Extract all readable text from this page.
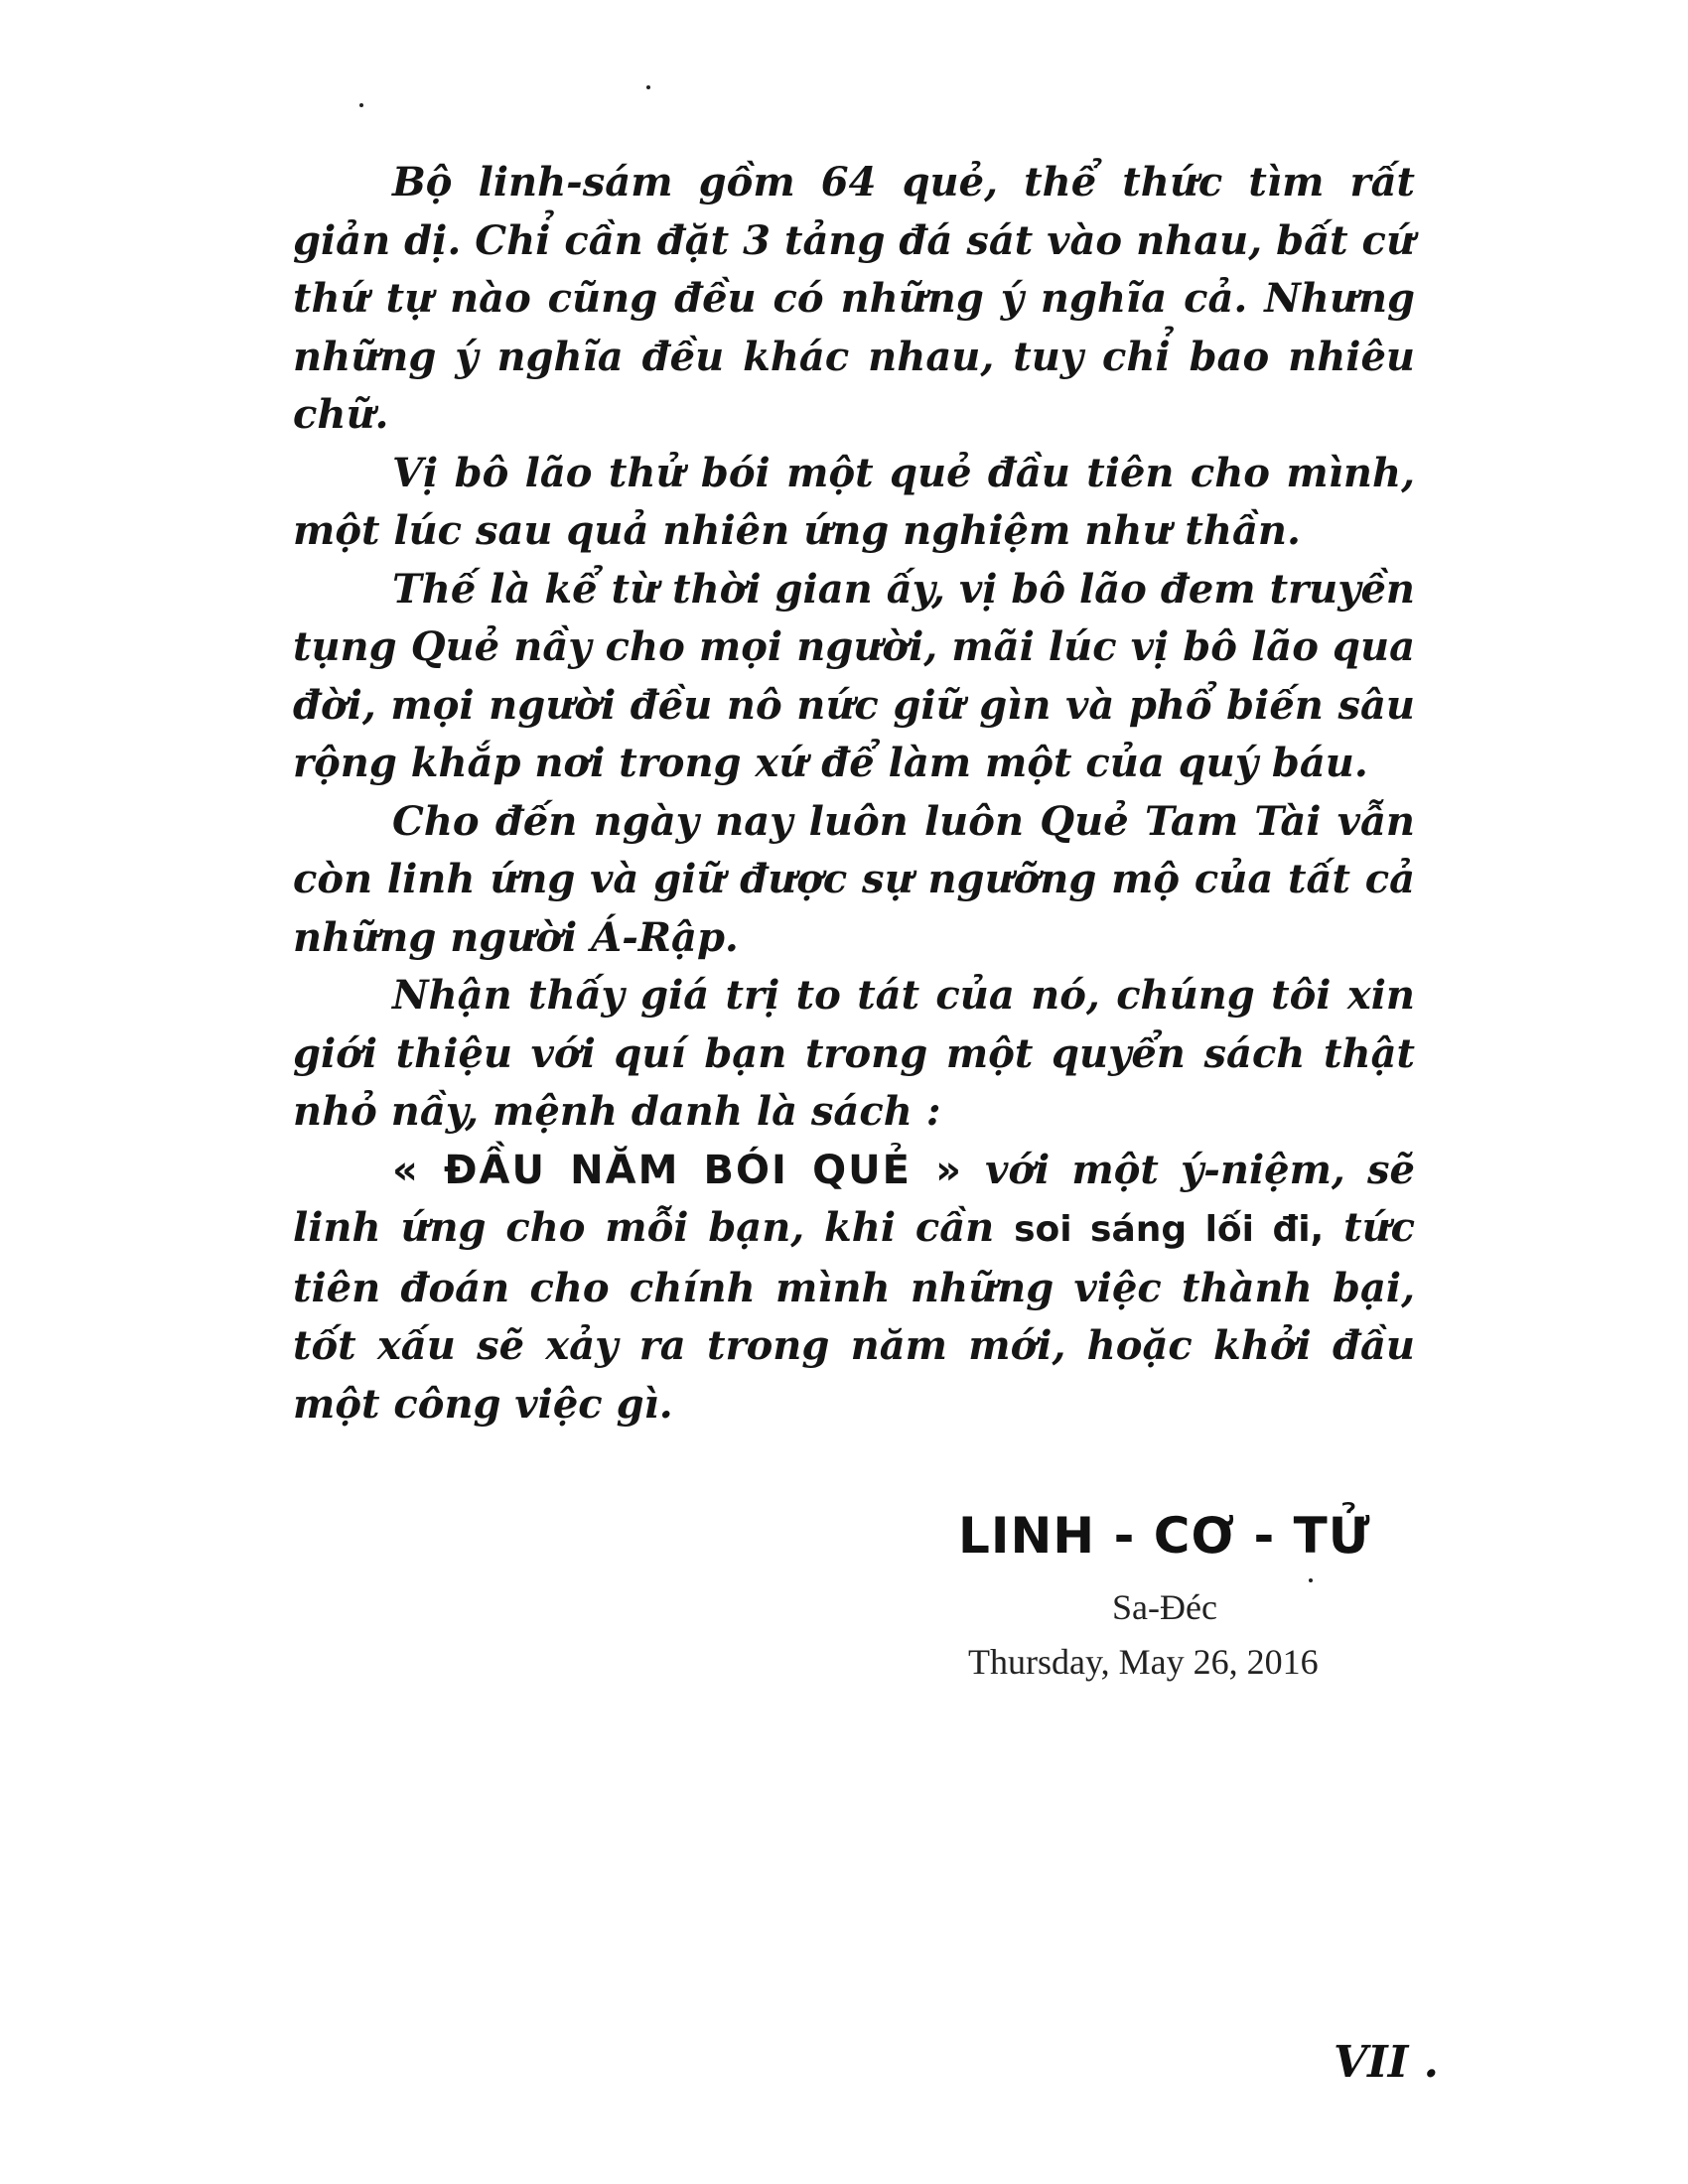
Bộ linh-sám gồm 64 quẻ, thể thức tìm rất giản dị. Chỉ cần đặt 3 tảng đá sát vào nhau, bất cứ thứ tự nào cũng đều có những ý nghĩa cả. Nhưng những ý nghĩa đều khác nhau, tuy chỉ bao nhiêu chữ.

Vị bô lão thử bói một quẻ đầu tiên cho mình, một lúc sau quả nhiên ứng nghiệm như thần.

Thế là kể từ thời gian ấy, vị bô lão đem truyền tụng Quẻ nầy cho mọi người, mãi lúc vị bô lão qua đời, mọi người đều nô nức giữ gìn và phổ biến sâu rộng khắp nơi trong xứ để làm một của quý báu.

Cho đến ngày nay luôn luôn Quẻ Tam Tài vẫn còn linh ứng và giữ được sự ngưỡng mộ của tất cả những người Á-Rập.

Nhận thấy giá trị to tát của nó, chúng tôi xin giới thiệu với quí bạn trong một quyển sách thật nhỏ nầy, mệnh danh là sách :

« ĐẦU NĂM BÓI QUẺ » với một ý-niệm, sẽ linh ứng cho mỗi bạn, khi cần soi sáng lối đi, tức tiên đoán cho chính mình những việc thành bại, tốt xấu sẽ xảy ra trong năm mới, hoặc khởi đầu một công việc gì.

LINH - CƠ - TỬ
Sa-Đéc
Thursday, May 26, 2016
VII .
